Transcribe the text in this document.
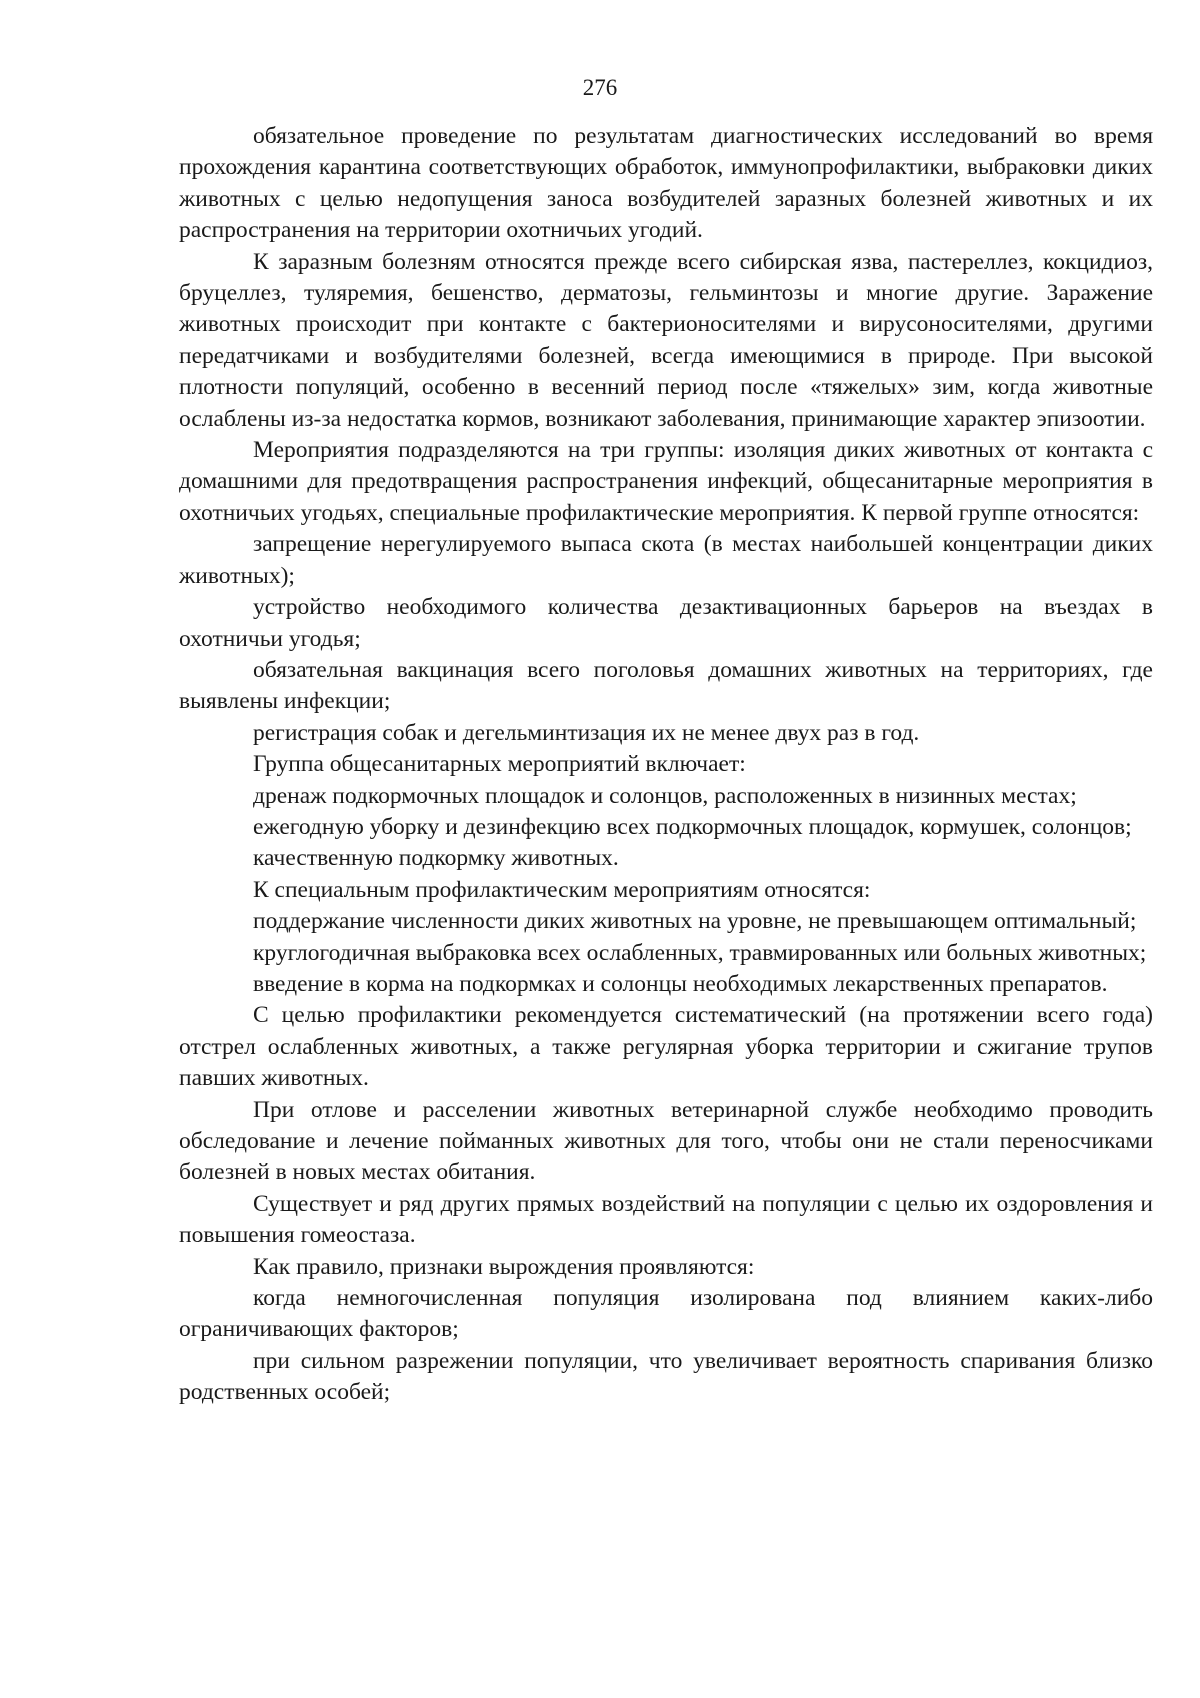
276

обязательное проведение по результатам диагностических исследований во время прохождения карантина соответствующих обработок, иммунопрофилактики, выбраковки диких животных с целью недопущения заноса возбудителей заразных болезней животных и их распространения на территории охотничьих угодий.

К заразным болезням относятся прежде всего сибирская язва, пастереллез, кокцидиоз, бруцеллез, туляремия, бешенство, дерматозы, гельминтозы и многие другие. Заражение животных происходит при контакте с бактерионосителями и вирусоносителями, другими передатчиками и возбудителями болезней, всегда имеющимися в природе. При высокой плотности популяций, особенно в весенний период после «тяжелых» зим, когда животные ослаблены из-за недостатка кормов, возникают заболевания, принимающие характер эпизоотии.

Мероприятия подразделяются на три группы: изоляция диких животных от контакта с домашними для предотвращения распространения инфекций, общесанитарные мероприятия в охотничьих угодьях, специальные профилактические мероприятия. К первой группе относятся:

запрещение нерегулируемого выпаса скота (в местах наибольшей концентрации диких животных);

устройство необходимого количества дезактивационных барьеров на въездах в охотничьи угодья;

обязательная вакцинация всего поголовья домашних животных на территориях, где выявлены инфекции;

регистрация собак и дегельминтизация их не менее двух раз в год.

Группа общесанитарных мероприятий включает:

дренаж подкормочных площадок и солонцов, расположенных в низинных местах;

ежегодную уборку и дезинфекцию всех подкормочных площадок, кормушек, солонцов;

качественную подкормку животных.

К специальным профилактическим мероприятиям относятся:

поддержание численности диких животных на уровне, не превышающем оптимальный;

круглогодичная выбраковка всех ослабленных, травмированных или больных животных;

введение в корма на подкормках и солонцы необходимых лекарственных препаратов.

С целью профилактики рекомендуется систематический (на протяжении всего года) отстрел ослабленных животных, а также регулярная уборка территории и сжигание трупов павших животных.

При отлове и расселении животных ветеринарной службе необходимо проводить обследование и лечение пойманных животных для того, чтобы они не стали переносчиками болезней в новых местах обитания.

Существует и ряд других прямых воздействий на популяции с целью их оздоровления и повышения гомеостаза.

Как правило, признаки вырождения проявляются:

когда немногочисленная популяция изолирована под влиянием каких-либо ограничивающих факторов;

при сильном разрежении популяции, что увеличивает вероятность спаривания близко родственных особей;
